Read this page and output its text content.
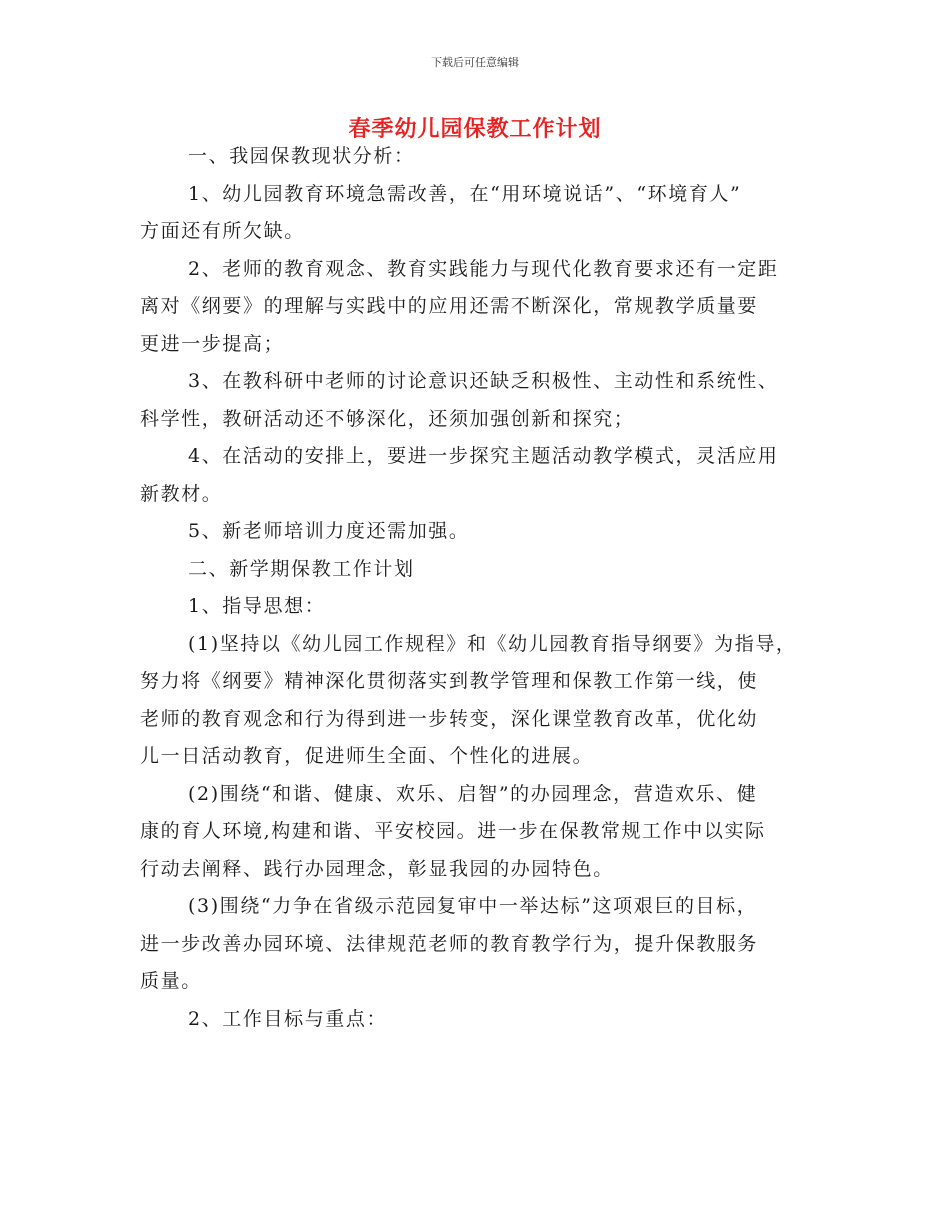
下载后可任意编辑
春季幼儿园保教工作计划
一、我园保教现状分析：
1、幼儿园教育环境急需改善，在“用环境说话”、“环境育人”
方面还有所欠缺。
2、老师的教育观念、教育实践能力与现代化教育要求还有一定距
离对《纲要》的理解与实践中的应用还需不断深化，常规教学质量要
更进一步提高；
3、在教科研中老师的讨论意识还缺乏积极性、主动性和系统性、
科学性，教研活动还不够深化，还须加强创新和探究；
4、在活动的安排上，要进一步探究主题活动教学模式，灵活应用
新教材。
5、新老师培训力度还需加强。
二、新学期保教工作计划
1、指导思想：
(1)坚持以《幼儿园工作规程》和《幼儿园教育指导纲要》为指导，
努力将《纲要》精神深化贯彻落实到教学管理和保教工作第一线，使
老师的教育观念和行为得到进一步转变，深化课堂教育改革，优化幼
儿一日活动教育，促进师生全面、个性化的进展。
(2)围绕“和谐、健康、欢乐、启智”的办园理念，营造欢乐、健
康的育人环境,构建和谐、平安校园。进一步在保教常规工作中以实际
行动去阐释、践行办园理念，彰显我园的办园特色。
(3)围绕“力争在省级示范园复审中一举达标”这项艰巨的目标，
进一步改善办园环境、法律规范老师的教育教学行为，提升保教服务
质量。
2、工作目标与重点：
